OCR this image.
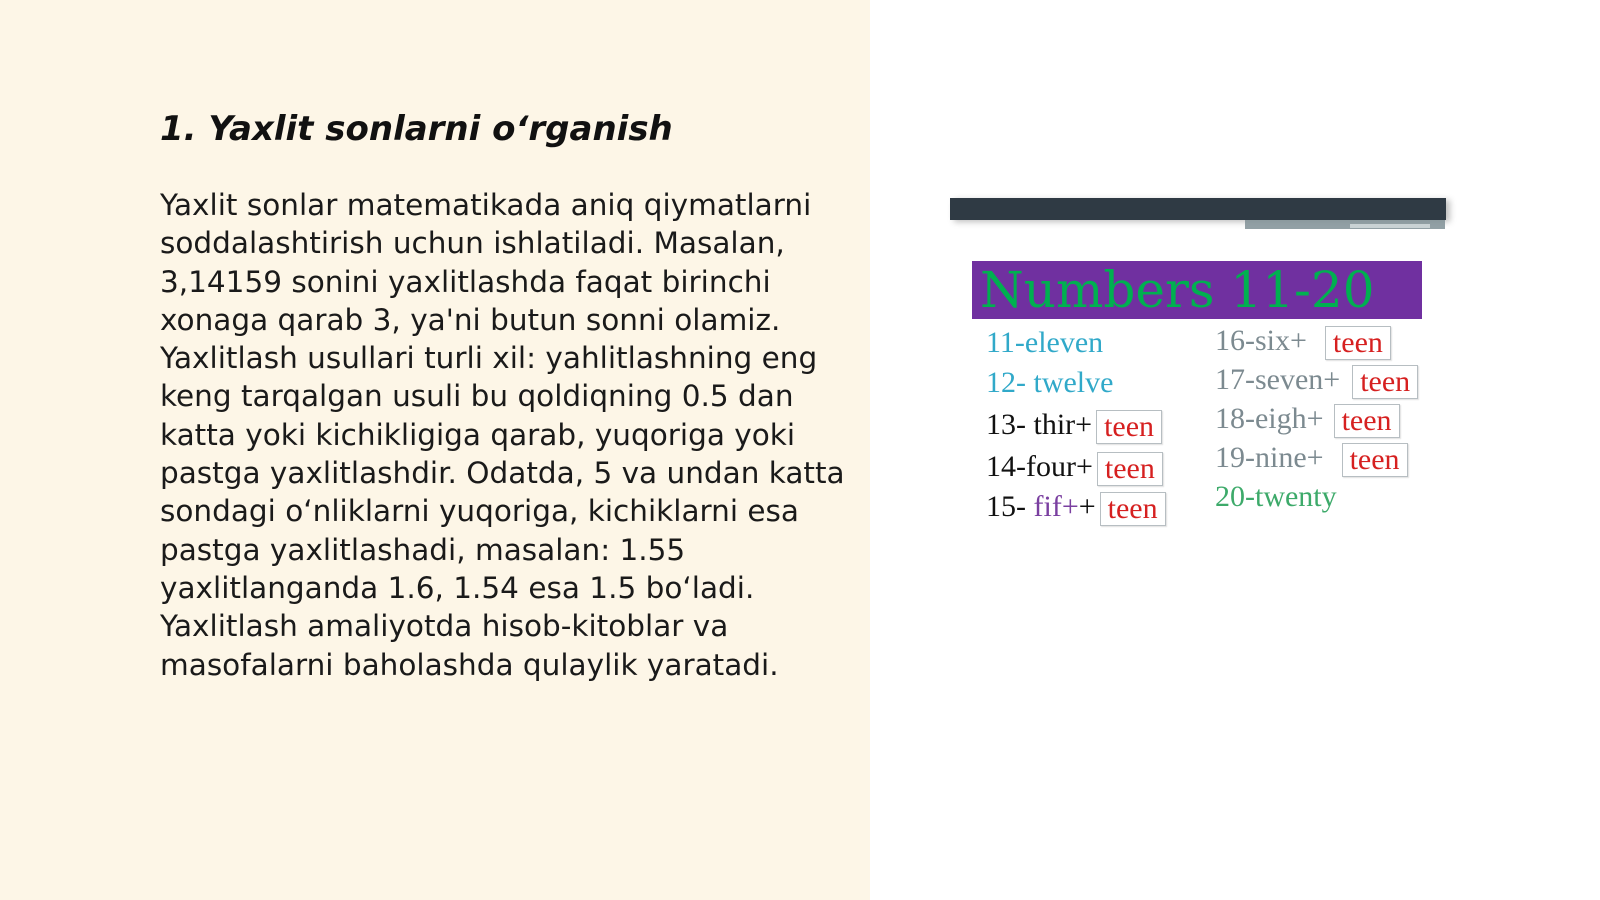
1. Yaxlit sonlarni o‘rganish

Yaxlit sonlar matematikada aniq qiymatlarni soddalashtirish uchun ishlatiladi. Masalan, 3,14159 sonini yaxlitlashda faqat birinchi xonaga qarab 3, ya'ni butun sonni olamiz. Yaxlitlash usullari turli xil: yahlitlashning eng keng tarqalgan usuli bu qoldiqning 0.5 dan katta yoki kichikligiga qarab, yuqoriga yoki pastga yaxlitlashdir. Odatda, 5 va undan katta sondagi o‘nliklarni yuqoriga, kichiklarni esa pastga yaxlitlashadi, masalan: 1.55 yaxlitlanganda 1.6, 1.54 esa 1.5 bo‘ladi. Yaxlitlash amaliyotda hisob-kitoblar va masofalarni baholashda qulaylik yaratadi.

Numbers 11-20
11-eleven
12- twelve
13- thir+ teen
14-four+ teen
15- fif++ teen
16-six+ teen
17-seven+ teen
18-eigh+ teen
19-nine+ teen
20-twenty
